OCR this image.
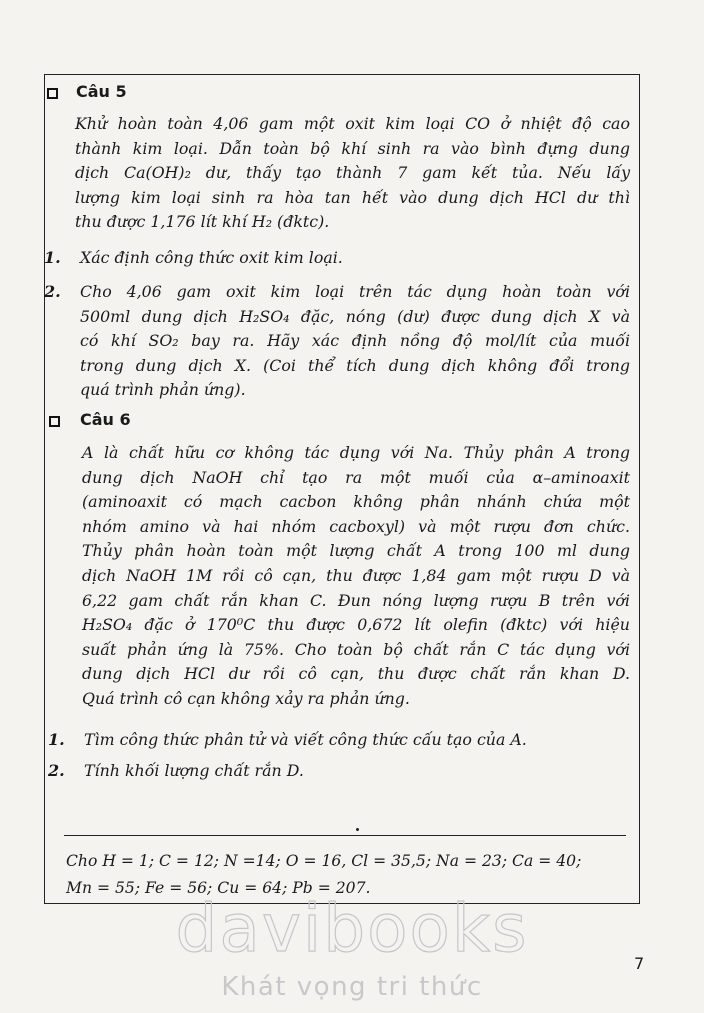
Câu 5
Khử hoàn toàn 4,06 gam một oxit kim loại CO ở nhiệt độ cao
thành kim loại. Dẫn toàn bộ khí sinh ra vào bình đựng dung
dịch Ca(OH)₂ dư, thấy tạo thành 7 gam kết tủa. Nếu lấy
lượng kim loại sinh ra hòa tan hết vào dung dịch HCl dư thì
thu được 1,176 lít khí H₂ (đktc).
1. Xác định công thức oxit kim loại.
2. Cho 4,06 gam oxit kim loại trên tác dụng hoàn toàn với
500ml dung dịch H₂SO₄ đặc, nóng (dư) được dung dịch X và
có khí SO₂ bay ra. Hãy xác định nồng độ mol/lít của muối
trong dung dịch X. (Coi thể tích dung dịch không đổi trong
quá trình phản ứng).
Câu 6
A là chất hữu cơ không tác dụng với Na. Thủy phân A trong
dung dịch NaOH chỉ tạo ra một muối của α–aminoaxit
(aminoaxit có mạch cacbon không phân nhánh chứa một
nhóm amino và hai nhóm cacboxyl) và một rượu đơn chức.
Thủy phân hoàn toàn một lượng chất A trong 100 ml dung
dịch NaOH 1M rồi cô cạn, thu được 1,84 gam một rượu D và
6,22 gam chất rắn khan C. Đun nóng lượng rượu B trên với
H₂SO₄ đặc ở 170⁰C thu được 0,672 lít olefin (đktc) với hiệu
suất phản ứng là 75%. Cho toàn bộ chất rắn C tác dụng với
dung dịch HCl dư rồi cô cạn, thu được chất rắn khan D.
Quá trình cô cạn không xảy ra phản ứng.
1. Tìm công thức phân tử và viết công thức cấu tạo của A.
2. Tính khối lượng chất rắn D.
Cho H = 1; C = 12; N =14; O = 16, Cl = 35,5; Na = 23; Ca = 40;
Mn = 55; Fe = 56; Cu = 64; Pb = 207.
davibooks
Khát vọng tri thức
7
